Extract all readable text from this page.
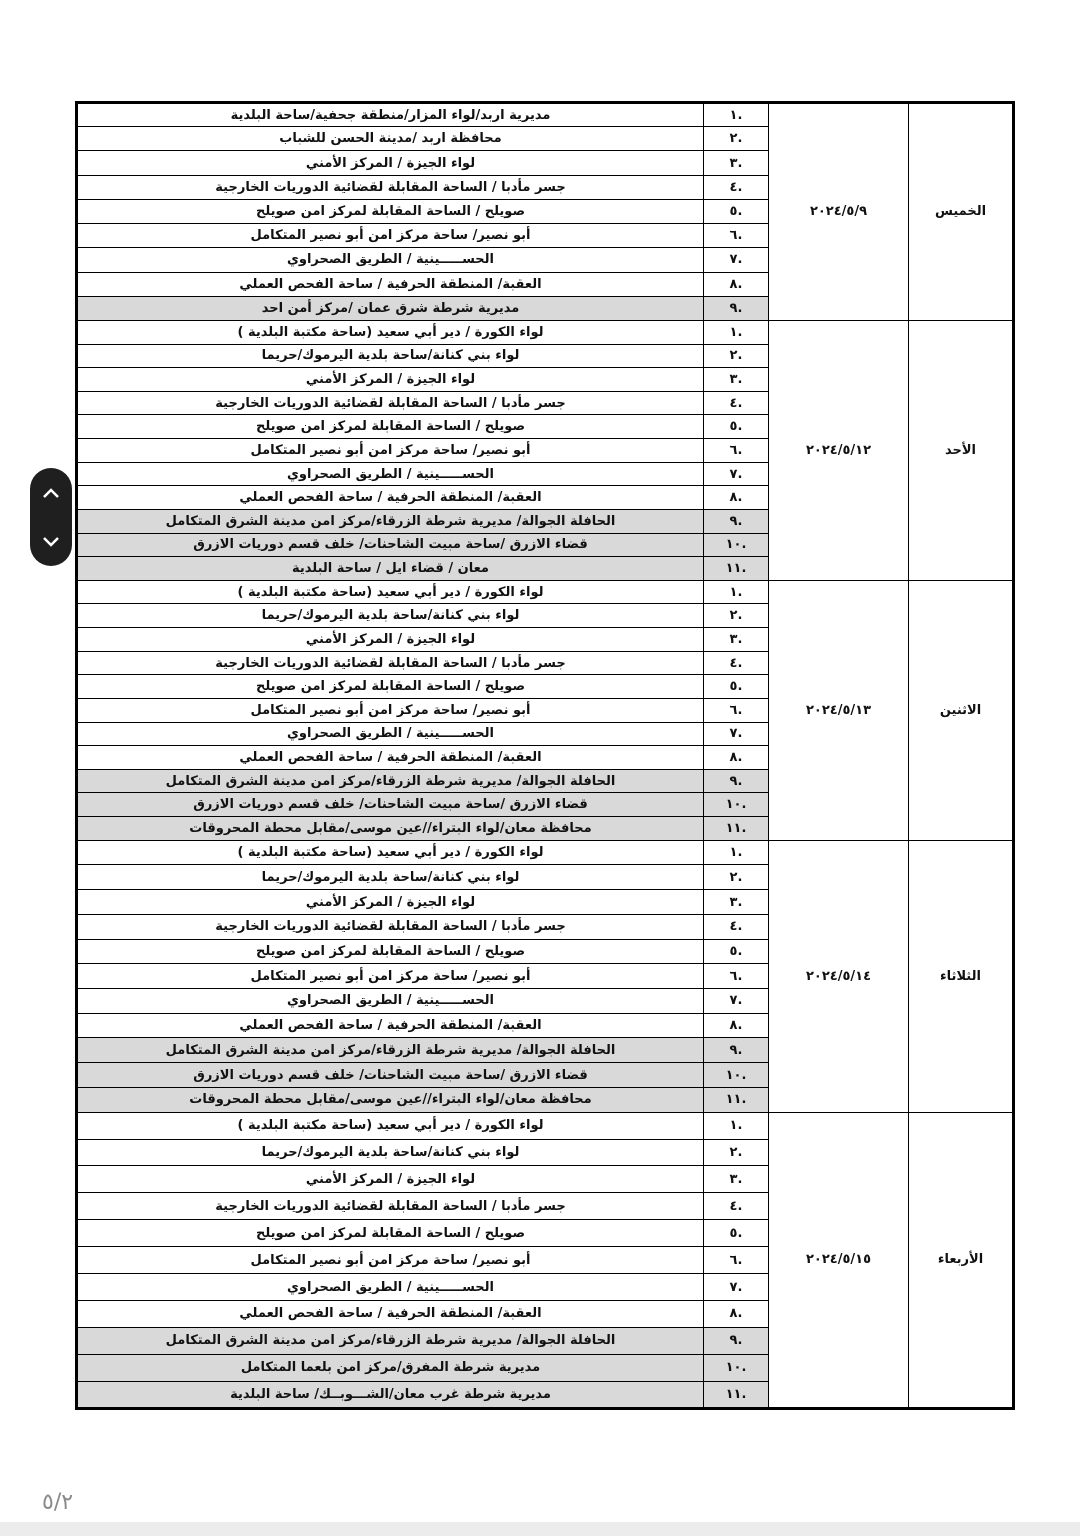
الخميس	٢٠٢٤/٥/٩	.١	مديرية اربد/لواء المزار/منطقة جحفية/ساحة البلدية
		.٢	محافظة اربد /مدينة الحسن للشباب
		.٣	لواء الجيزة / المركز الأمني
		.٤	جسر مأدبا / الساحة المقابلة لقضائية الدوريات الخارجية
		.٥	صويلح / الساحة المقابلة لمركز امن صويلح
		.٦	أبو نصير/ ساحة مركز امن أبو نصير المتكامل
		.٧	الحســـــينية / الطريق الصحراوي
		.٨	العقبة/ المنطقة الحرفية / ساحة الفحص العملي
		.٩	مديرية شرطة شرق عمان /مركز أمن احد
الأحد	٢٠٢٤/٥/١٢	.١	لواء الكورة / دير أبي سعيد (ساحة مكتبة البلدية )
		.٢	لواء بني كنانة/ساحة بلدية اليرموك/حريما
		.٣	لواء الجيزة / المركز الأمني
		.٤	جسر مأدبا / الساحة المقابلة لقضائية الدوريات الخارجية
		.٥	صويلح / الساحة المقابلة لمركز امن صويلح
		.٦	أبو نصير/ ساحة مركز امن أبو نصير المتكامل
		.٧	الحســـــينية / الطريق الصحراوي
		.٨	العقبة/ المنطقة الحرفية / ساحة الفحص العملي
		.٩	الحافلة الجوالة/ مديرية شرطة الزرقاء/مركز امن مدينة الشرق المتكامل
		.١٠	قضاء الازرق /ساحة مبيت الشاحنات/ خلف قسم دوريات الازرق
		.١١	معان / قضاء ايل / ساحة البلدية
الاثنين	٢٠٢٤/٥/١٣	.١	لواء الكورة / دير أبي سعيد (ساحة مكتبة البلدية )
		.٢	لواء بني كنانة/ساحة بلدية اليرموك/حريما
		.٣	لواء الجيزة / المركز الأمني
		.٤	جسر مأدبا / الساحة المقابلة لقضائية الدوريات الخارجية
		.٥	صويلح / الساحة المقابلة لمركز امن صويلح
		.٦	أبو نصير/ ساحة مركز امن أبو نصير المتكامل
		.٧	الحســـــينية / الطريق الصحراوي
		.٨	العقبة/ المنطقة الحرفية / ساحة الفحص العملي
		.٩	الحافلة الجوالة/ مديرية شرطة الزرقاء/مركز امن مدينة الشرق المتكامل
		.١٠	قضاء الازرق /ساحة مبيت الشاحنات/ خلف قسم دوريات الازرق
		.١١	محافظة معان/لواء البتراء//عين موسى/مقابل محطة المحروقات
الثلاثاء	٢٠٢٤/٥/١٤	.١	لواء الكورة / دير أبي سعيد (ساحة مكتبة البلدية )
		.٢	لواء بني كنانة/ساحة بلدية اليرموك/حريما
		.٣	لواء الجيزة / المركز الأمني
		.٤	جسر مأدبا / الساحة المقابلة لقضائية الدوريات الخارجية
		.٥	صويلح / الساحة المقابلة لمركز امن صويلح
		.٦	أبو نصير/ ساحة مركز امن أبو نصير المتكامل
		.٧	الحســـــينية / الطريق الصحراوي
		.٨	العقبة/ المنطقة الحرفية / ساحة الفحص العملي
		.٩	الحافلة الجوالة/ مديرية شرطة الزرقاء/مركز امن مدينة الشرق المتكامل
		.١٠	قضاء الازرق /ساحة مبيت الشاحنات/ خلف قسم دوريات الازرق
		.١١	محافظة معان/لواء البتراء//عين موسى/مقابل محطة المحروقات
الأربعاء	٢٠٢٤/٥/١٥	.١	لواء الكورة / دير أبي سعيد (ساحة مكتبة البلدية )
		.٢	لواء بني كنانة/ساحة بلدية اليرموك/حريما
		.٣	لواء الجيزة / المركز الأمني
		.٤	جسر مأدبا / الساحة المقابلة لقضائية الدوريات الخارجية
		.٥	صويلح / الساحة المقابلة لمركز امن صويلح
		.٦	أبو نصير/ ساحة مركز امن أبو نصير المتكامل
		.٧	الحســـــينية / الطريق الصحراوي
		.٨	العقبة/ المنطقة الحرفية / ساحة الفحص العملي
		.٩	الحافلة الجوالة/ مديرية شرطة الزرقاء/مركز امن مدينة الشرق المتكامل
		.١٠	مديرية شرطة المفرق/مركز امن بلعما المتكامل
		.١١	مديرية شرطة غرب معان/الشـــوبــك/ ساحة البلدية
٥/٢
